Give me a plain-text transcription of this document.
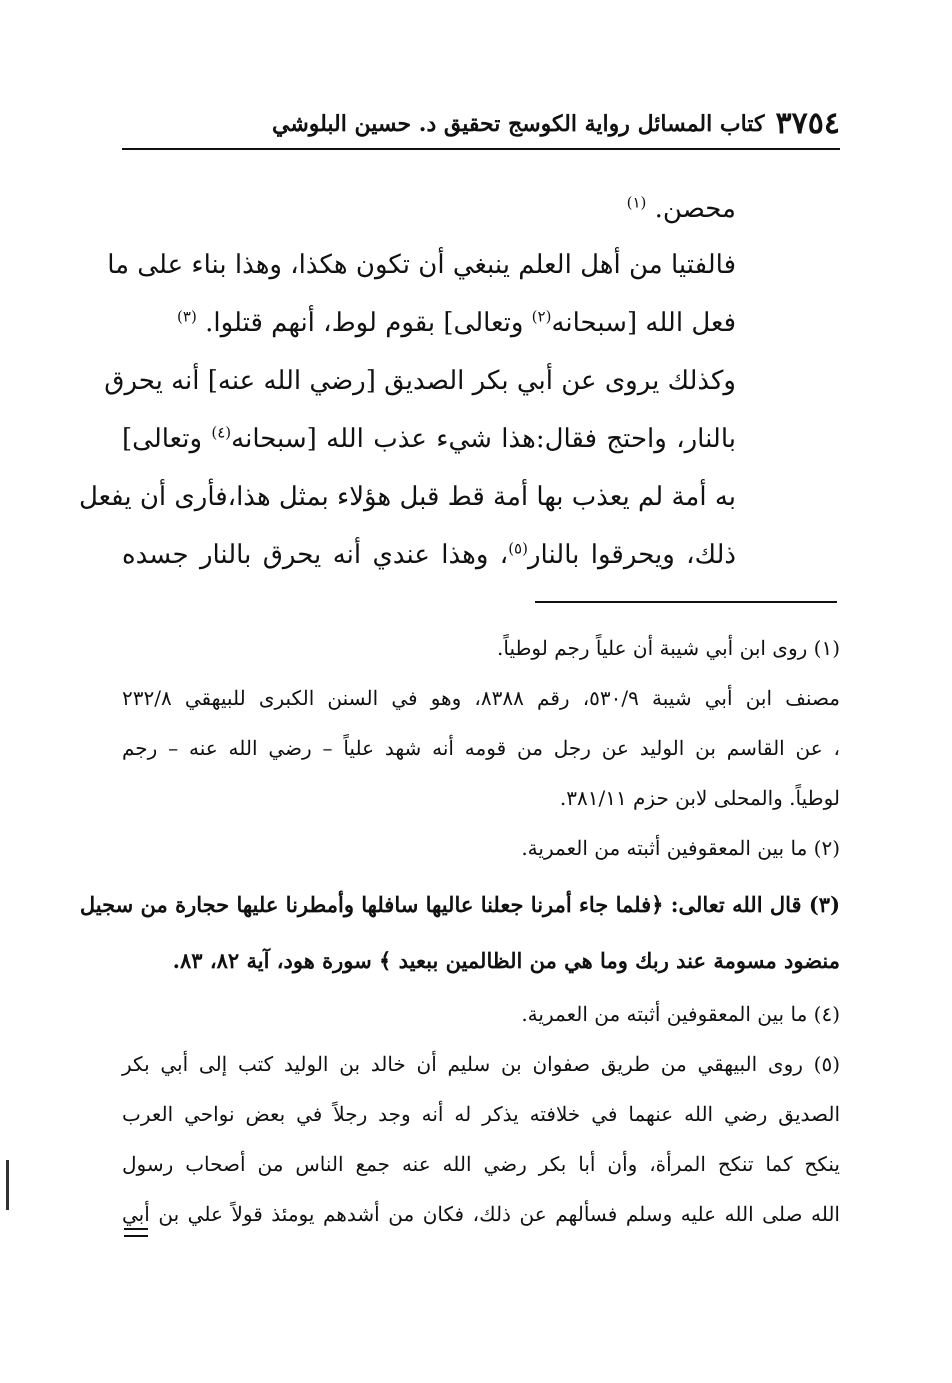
٣٧٥٤
كتاب المسائل رواية الكوسج تحقيق د. حسين البلوشي
محصن. $^{(١)}$
فالفتيا من أهل العلم ينبغي أن تكون هكذا، وهذا بناء على ما
فعل الله [سبحانه$^{(٢)}$ وتعالى] بقوم لوط، أنهم قتلوا. $^{(٣)}$
وكذلك يروى عن أبي بكر الصديق [رضي الله عنه] أنه يحرق
بالنار، واحتج فقال:هذا شيء عذب الله [سبحانه$^{(٤)}$ وتعالى]
به أمة لم يعذب بها أمة قط قبل هؤلاء بمثل هذا،فأرى أن يفعل
ذلك، ويحرقوا بالنار$^{(٥)}$، وهذا عندي أنه يحرق بالنار جسده
(١) روى ابن أبي شيبة أن علياً رجم لوطياً.
مصنف ابن أبي شيبة ٥٣٠/٩، رقم ٨٣٨٨، وهو في السنن الكبرى للبيهقي ٢٣٢/٨
، عن القاسم بن الوليد عن رجل من قومه أنه شهد علياً – رضي الله عنه – رجم
لوطياً. والمحلى لابن حزم ٣٨١/١١.
(٢) ما بين المعقوفين أثبته من العمرية.
(٣) قال الله تعالى: ﴿فلما جاء أمرنا جعلنا عاليها سافلها وأمطرنا عليها حجارة من سجيل
منضود مسومة عند ربك وما هي من الظالمين ببعيد ﴾ سورة هود، آية ٨٢، ٨٣.
(٤) ما بين المعقوفين أثبته من العمرية.
(٥) روى البيهقي من طريق صفوان بن سليم أن خالد بن الوليد كتب إلى أبي بكر
الصديق رضي الله عنهما في خلافته يذكر له أنه وجد رجلاً في بعض نواحي العرب
ينكح كما تنكح المرأة، وأن أبا بكر رضي الله عنه جمع الناس من أصحاب رسول
الله صلى الله عليه وسلم فسألهم عن ذلك، فكان من أشدهم يومئذ قولاً علي بن أبي
